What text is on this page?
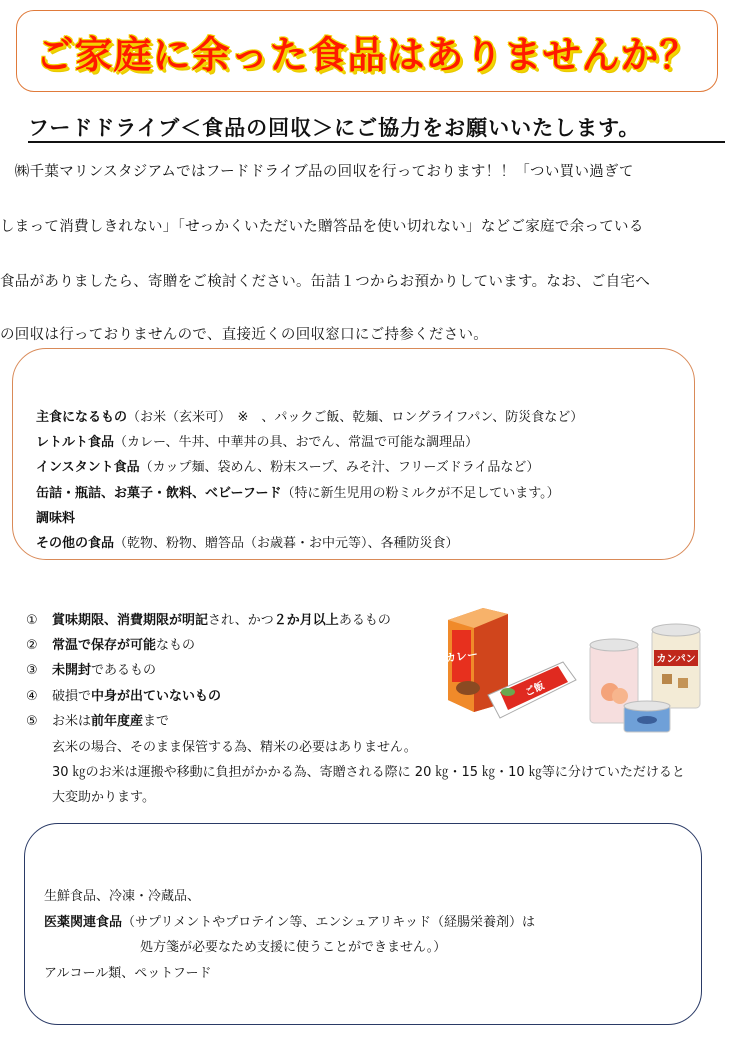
ご家庭に余った食品はありませんか？
フードドライブ＜食品の回収＞にご協力をお願いいたします。
　㈱千葉マリンスタジアムではフードドライブ品の回収を行っております！！「つい買い過ぎて
しまって消費しきれない」「せっかくいただいた贈答品を使い切れない」などご家庭で余っている
食品がありましたら、寄贈をご検討ください。缶詰１つからお預かりしています。なお、ご自宅へ
の回収は行っておりませんので、直接近くの回収窓口にご持参ください。
主食になるもの（お米（玄米可）　※　、パックご飯、乾麺、ロングライフパン、防災食など）
レトルト食品（カレー、牛丼、中華丼の具、おでん、常温で可能な調理品）
インスタント食品（カップ麺、袋めん、粉末スープ、みそ汁、フリーズドライ品など）
缶詰・瓶詰、お菓子・飲料、ベビーフード（特に新生児用の粉ミルクが不足しています。）
調味料
その他の食品（乾物、粉物、贈答品（お歳暮・お中元等）、各種防災食）
① 賞味期限、消費期限が明記され、かつ２か月以上あるもの
② 常温で保存が可能なもの
③ 未開封であるもの
④ 破損で中身が出ていないもの
⑤ お米は前年度産まで
玄米の場合、そのまま保管する為、精米の必要はありません。
30 ㎏のお米は運搬や移動に負担がかかる為、寄贈される際に 20 ㎏・15 ㎏・10 ㎏等に分けていただけると
大変助かります。
カレー
ご飯
カンパン
生鮮食品、冷凍・冷蔵品、
医薬関連食品（サプリメントやプロテイン等、エンシュアリキッド（経腸栄養剤）は
処方箋が必要なため支援に使うことができません。）
アルコール類、ペットフード
